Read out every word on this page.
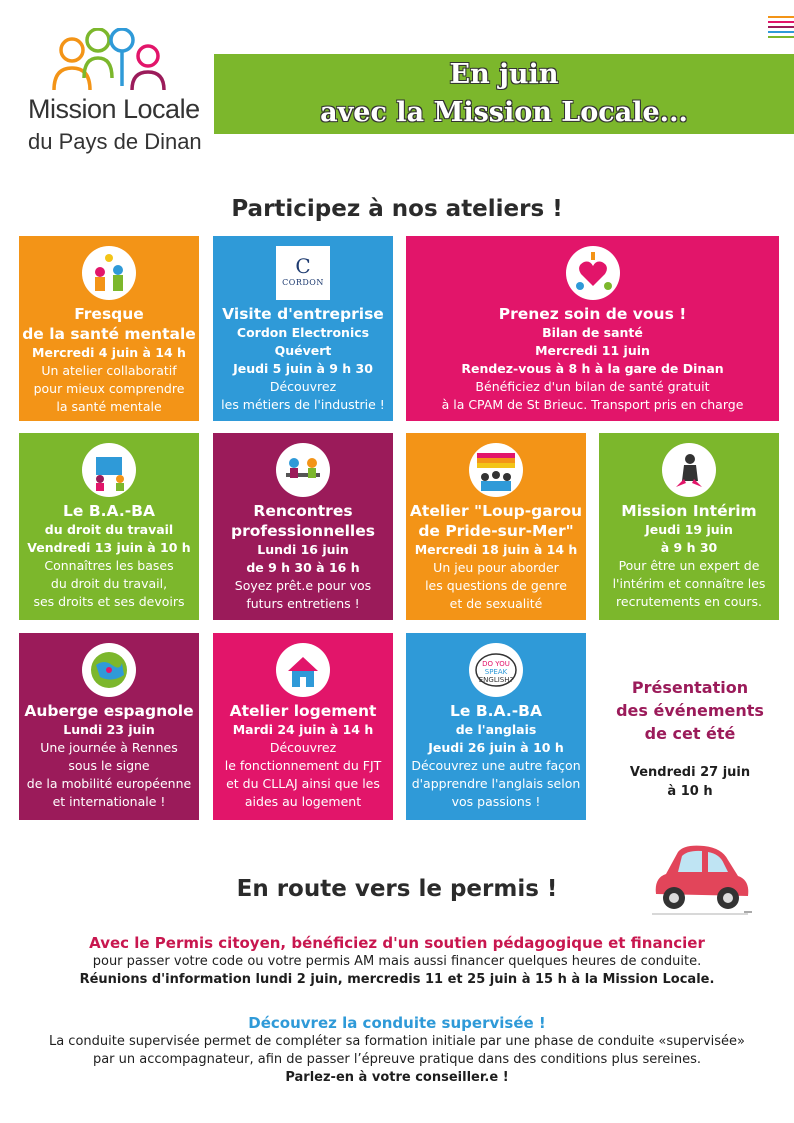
Mission Locale
du Pays de Dinan
En juin
avec la Mission Locale...
Participez à nos ateliers !
Fresque
de la santé mentale
Mercredi 4 juin à 14 h
Un atelier collaboratif
pour mieux comprendre
la santé mentale
C
CORDON
Visite d'entreprise
Cordon Electronics
Quévert
Jeudi 5 juin à 9 h 30
Découvrez
les métiers de l'industrie !
Prenez soin de vous !
Bilan de santé
Mercredi 11 juin
Rendez-vous à 8 h à la gare de Dinan
Bénéficiez d'un bilan de santé gratuit
à la CPAM de St Brieuc. Transport pris en charge
Le B.A.-BA
du droit du travail
Vendredi 13 juin à 10 h
Connaîtres les bases
du droit du travail,
ses droits et ses devoirs
Rencontres
professionnelles
Lundi 16 juin
de 9 h 30 à 16 h
Soyez prêt.e pour vos
futurs entretiens !
Atelier "Loup-garou
de Pride-sur-Mer"
Mercredi 18 juin à 14 h
Un jeu pour aborder
les questions de genre
et de sexualité
Mission Intérim
Jeudi 19 juin
à 9 h 30
Pour être un expert de
l'intérim et connaître les
recrutements en cours.
Auberge espagnole
Lundi 23 juin
Une journée à Rennes
sous le signe
de la mobilité européenne
et internationale !
Atelier logement
Mardi 24 juin à 14 h
Découvrez
le fonctionnement du FJT
et du CLLAJ ainsi que les
aides au logement
DO YOU
SPEAK
ENGLISH?
Le B.A.-BA
de l'anglais
Jeudi 26 juin à 10 h
Découvrez une autre façon
d'apprendre l'anglais selon
vos passions !
Présentation
des événements
de cet été
Vendredi 27 juin
à 10 h
En route vers le permis !
Avec le Permis citoyen, bénéficiez d'un soutien pédagogique et financier
pour passer votre code ou votre permis AM mais aussi financer quelques heures de conduite.
Réunions d'information lundi 2 juin, mercredis 11 et 25 juin à 15 h à la Mission Locale.
Découvrez la conduite supervisée !
La conduite supervisée permet de compléter sa formation initiale par une phase de conduite «supervisée»
par un accompagnateur, afin de passer l’épreuve pratique dans des conditions plus sereines.
Parlez-en à votre conseiller.e !
